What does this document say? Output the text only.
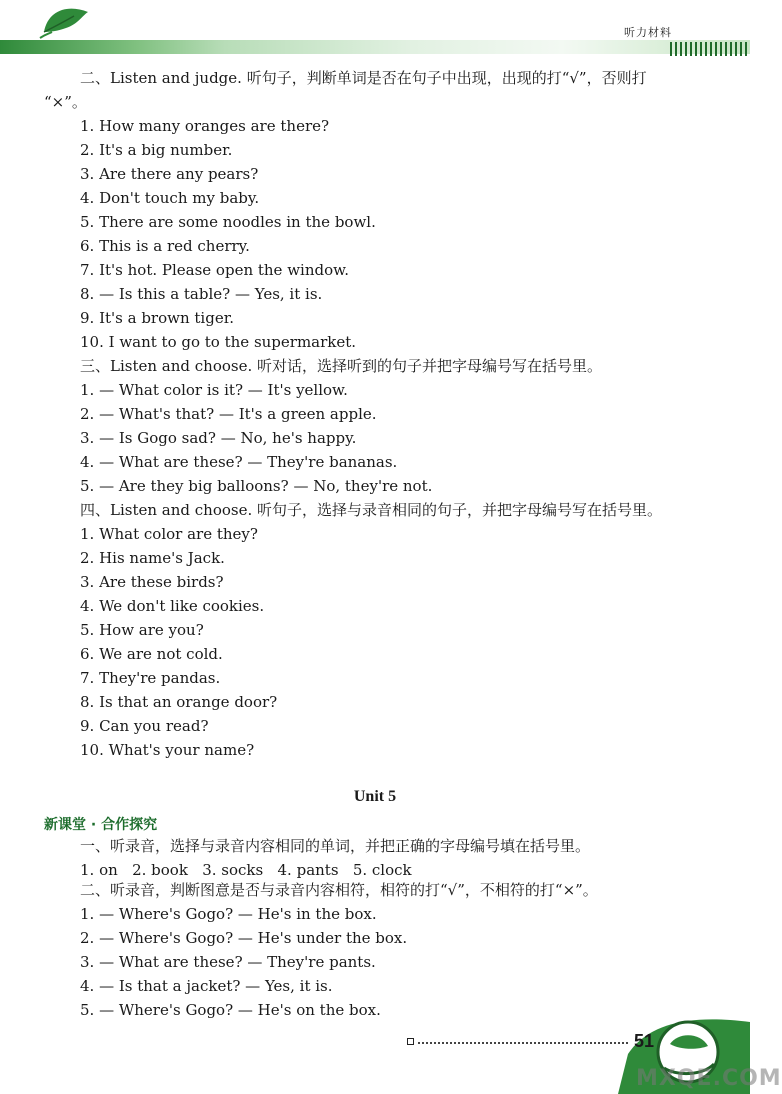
听力材料
二、Listen and judge. 听句子，判断单词是否在句子中出现，出现的打“√”，否则打
“×”。
1. How many oranges are there?
2. It's a big number.
3. Are there any pears?
4. Don't touch my baby.
5. There are some noodles in the bowl.
6. This is a red cherry.
7. It's hot. Please open the window.
8. — Is this a table? — Yes, it is.
9. It's a brown tiger.
10. I want to go to the supermarket.
三、Listen and choose. 听对话，选择听到的句子并把字母编号写在括号里。
1. — What color is it? — It's yellow.
2. — What's that? — It's a green apple.
3. — Is Gogo sad? — No, he's happy.
4. — What are these? — They're bananas.
5. — Are they big balloons? — No, they're not.
四、Listen and choose. 听句子，选择与录音相同的句子，并把字母编号写在括号里。
1. What color are they?
2. His name's Jack.
3. Are these birds?
4. We don't like cookies.
5. How are you?
6. We are not cold.
7. They're pandas.
8. Is that an orange door?
9. Can you read?
10. What's your name?
Unit 5
新课堂 · 合作探究
一、听录音，选择与录音内容相同的单词，并把正确的字母编号填在括号里。
1. on   2. book   3. socks   4. pants   5. clock
二、听录音，判断图意是否与录音内容相符，相符的打“√”，不相符的打“×”。
1. — Where's Gogo? — He's in the box.
2. — Where's Gogo? — He's under the box.
3. — What are these? — They're pants.
4. — Is that a jacket? — Yes, it is.
5. — Where's Gogo? — He's on the box.
51
MXQE.COM
